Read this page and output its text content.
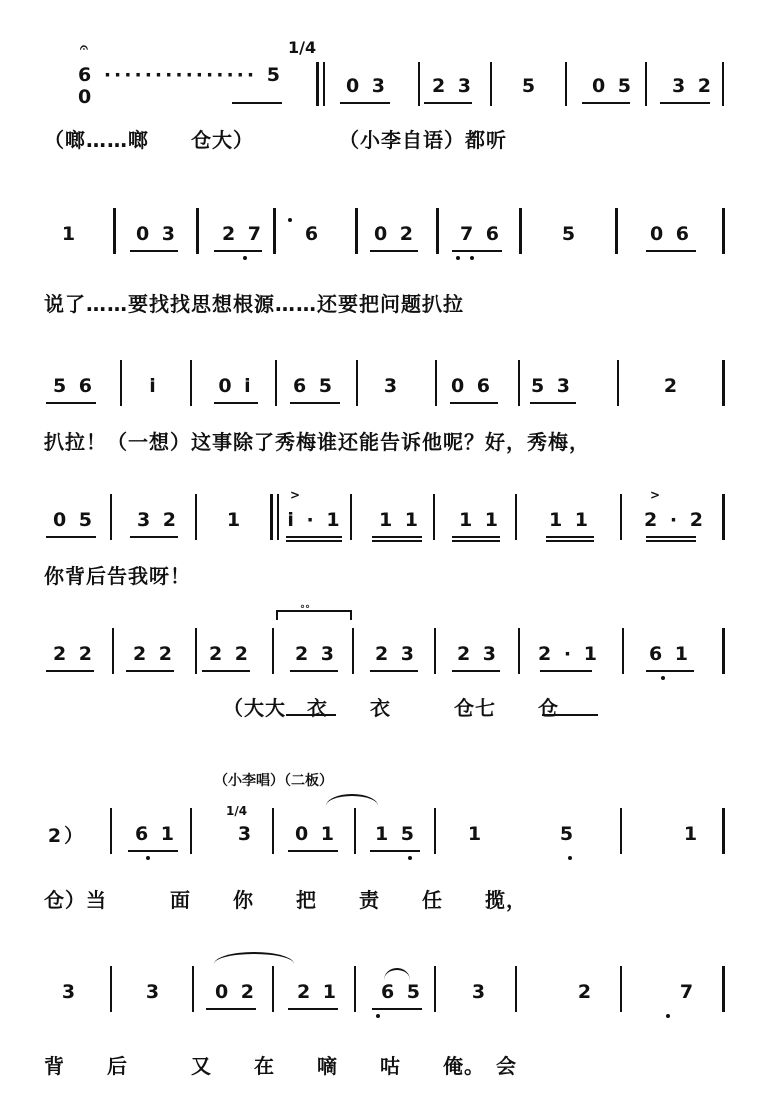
𝄐
6 ··············· 5 0	0 3	2 3	5	0 5	3 2
1/4
（啷……啷　　仓大）　　　　　（小李自语）都听
1	0 3	2 7	6	0 2	7 6	5	0 6
说了……要找找思想根源……还要把问题扒拉
5 6	i	0 i	6 5	3	0 6	5 3	2
扒拉！（一想）这事除了秀梅谁还能告诉他呢？好，秀梅，
0 5	3 2	1	i · 1	1 1	1 1	1 1	2 · 2
>	>
你背后告我呀！
°°
2 2	2 2	2 2	2 3	2 3	2 3	2 · 1	6 1
　　　　　　　　　（大大　衣　　衣　　　仓七　　仓
（小李唱）（二板）
1/4
2）	6 1	3	0 1	1 5	1	5	1
仓）当　　　面　　你　　把　　责　　任　　揽，
3	3	0 2	2 1	6 5	3	2	7
背　　后　　　又　　在　　嘀　　咕　　俺。　会
